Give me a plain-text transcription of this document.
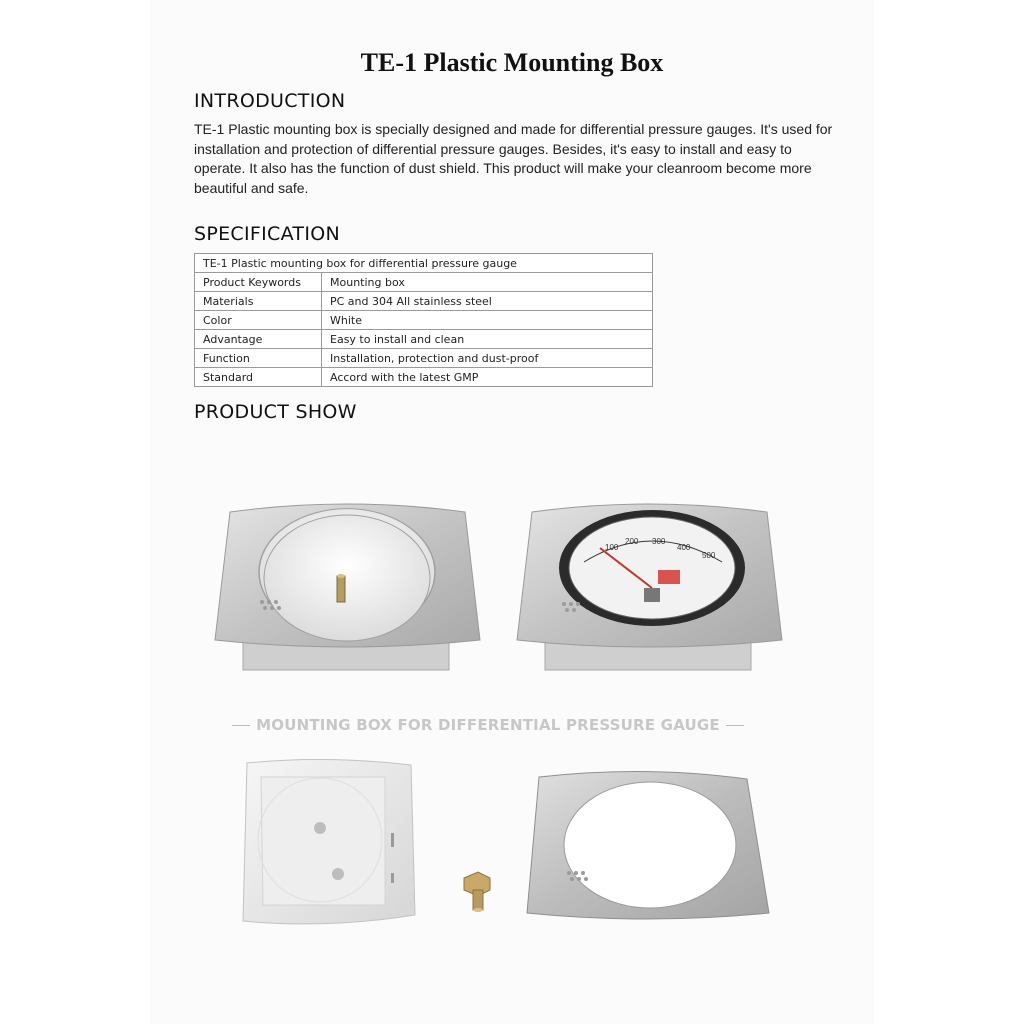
TE-1 Plastic Mounting Box
INTRODUCTION
TE-1 Plastic mounting box is specially designed and made for differential pressure gauges. It's used for installation and protection of differential pressure gauges. Besides, it's easy to install and easy to operate. It also has the function of dust shield. This product will make your cleanroom become more beautiful and safe.
SPECIFICATION
TE-1 Plastic mounting box for differential pressure gauge	
Product Keywords	Mounting box
Materials	PC and 304 All stainless steel
Color	White
Advantage	Easy to install and clean
Function	Installation, protection and dust-proof
Standard	Accord with the latest GMP
PRODUCT SHOW
100
200 300
400
500
MOUNTING BOX FOR DIFFERENTIAL PRESSURE GAUGE
